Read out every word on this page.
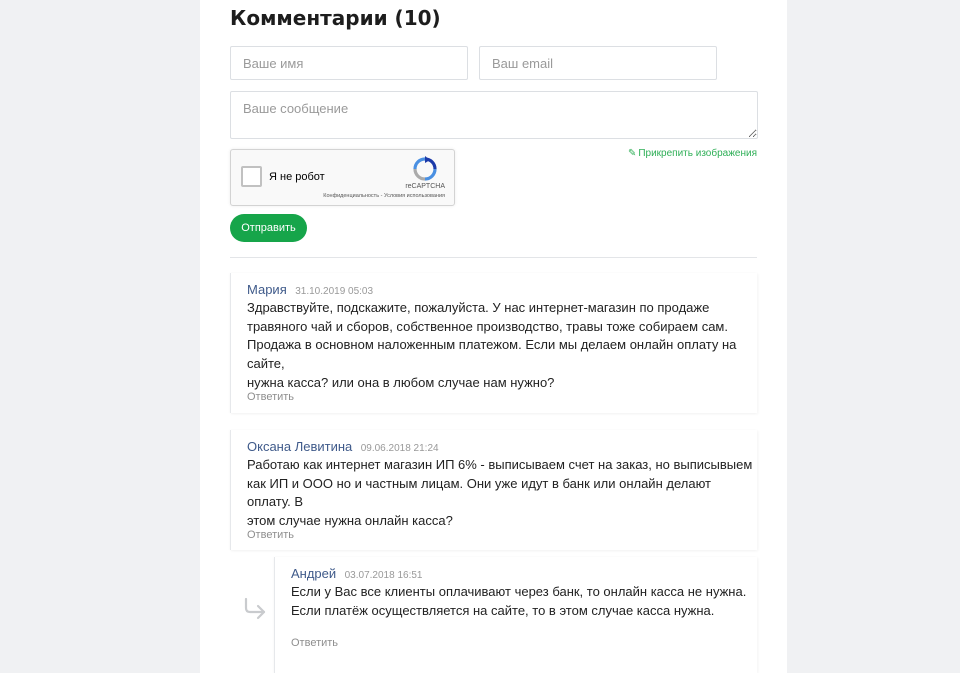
Комментарии (10)
Ваше имя
Ваш email
Ваше сообщение
Я не робот
reCAPTCHA
Конфиденциальность - Условия использования
✎ Прикрепить изображения
Отправить
Мария 31.10.2019 05:03
Здравствуйте, подскажите, пожалуйста. У нас интернет-магазин по продаже
травяного чай и сборов, собственное производство, травы тоже собираем сам.
Продажа в основном наложенным платежом. Если мы делаем онлайн оплату на сайте,
нужна касса? или она в любом случае нам нужно?
Ответить
Оксана Левитина 09.06.2018 21:24
Работаю как интернет магазин ИП 6% - выписываем счет на заказ, но выписывыем
как ИП и ООО но и частным лицам. Они уже идут в банк или онлайн делают оплату. В
этом случае нужна онлайн касса?
Ответить
Андрей 03.07.2018 16:51
Если у Вас все клиенты оплачивают через банк, то онлайн касса не нужна.
Если платёж осуществляется на сайте, то в этом случае касса нужна.
Ответить
